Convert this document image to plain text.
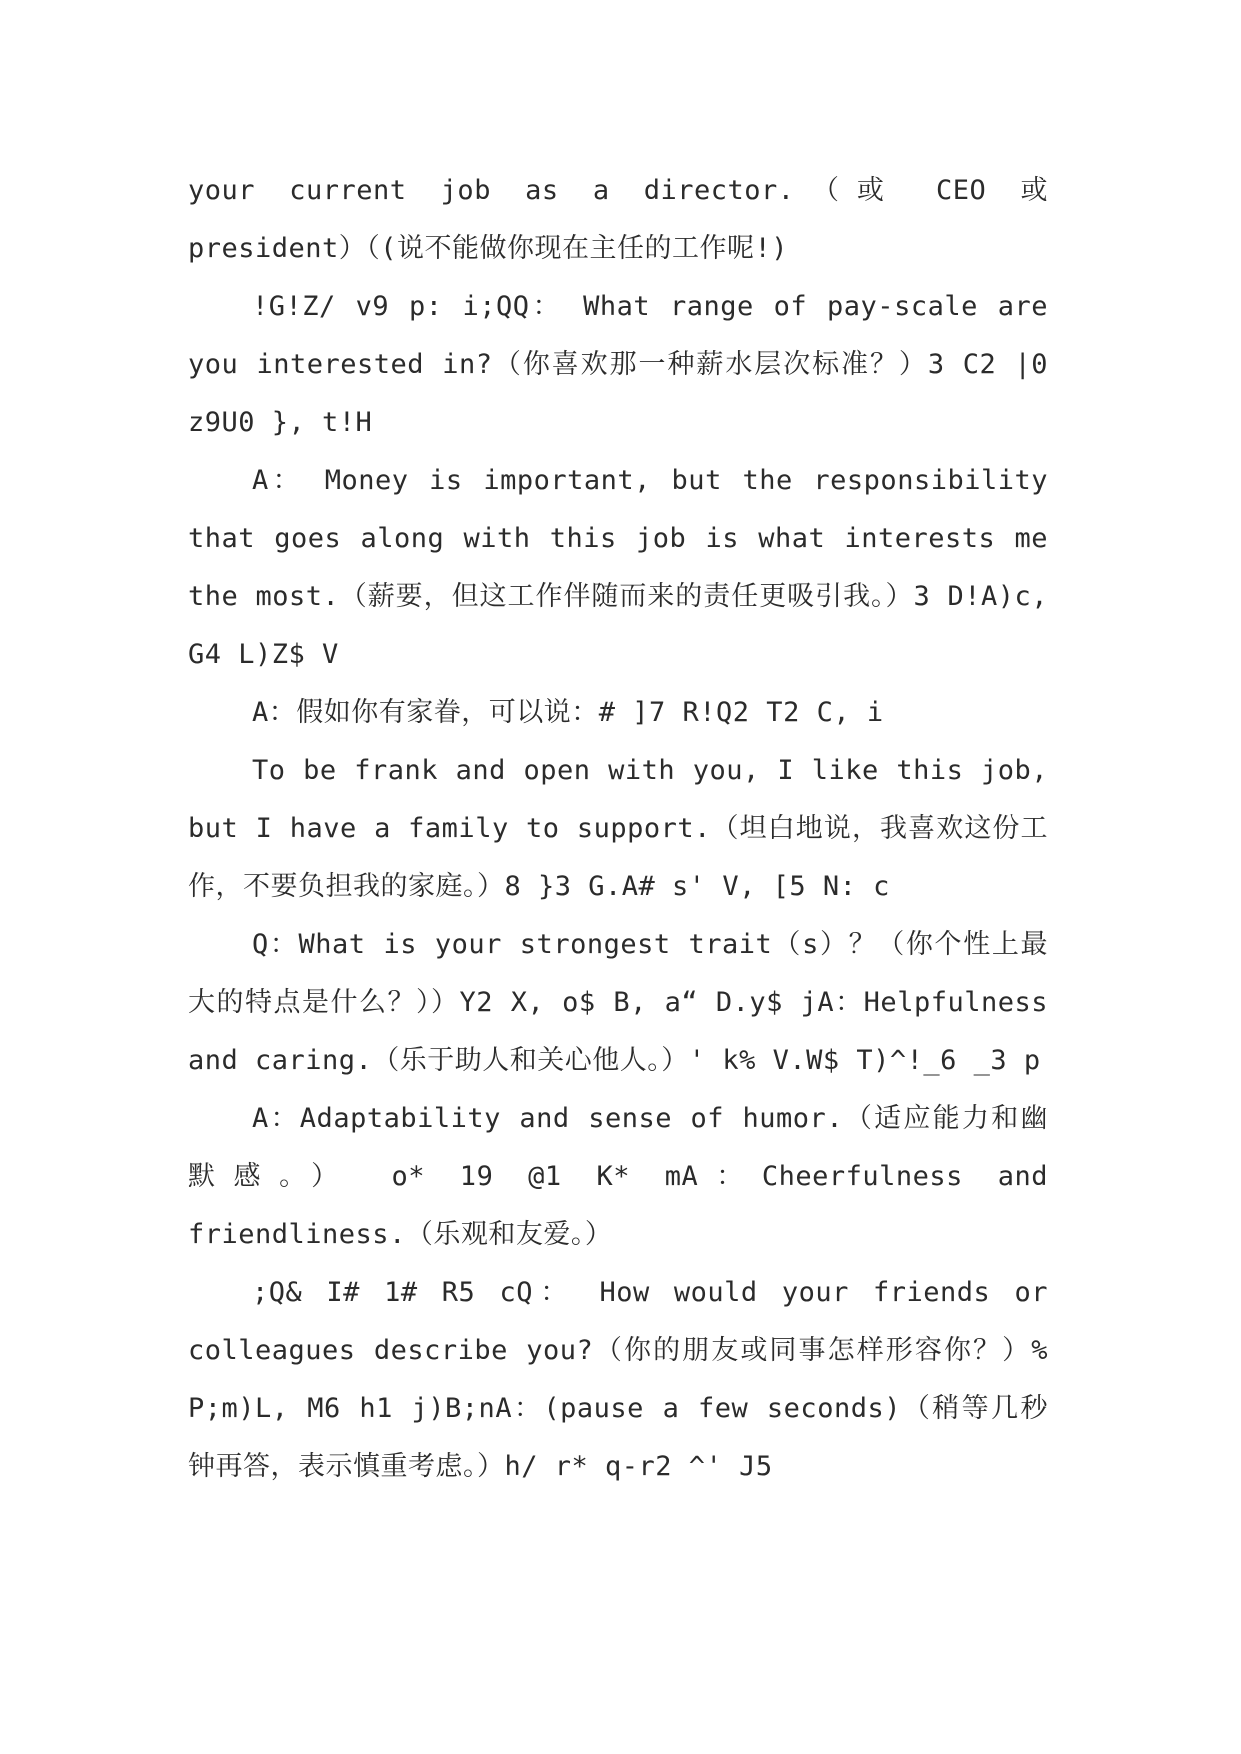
your current job as a director.（或 CEO 或 president）（(说不能做你现在主任的工作呢!)

!G!Z/ v9 p: i;QQ： What range of pay-scale are you interested in?（你喜欢那一种薪水层次标准？）3 C2 |0 z9U0 }, t!H

A： Money is important, but the responsibility that goes along with this job is what interests me the most.（薪要，但这工作伴随而来的责任更吸引我。）3 D!A)c, G4 L)Z$ V

A：假如你有家眷，可以说：# ]7 R!Q2 T2 C, i

To be frank and open with you, I like this job, but I have a family to support.（坦白地说，我喜欢这份工作，不要负担我的家庭。）8 }3 G.A# s' V, [5 N: c

Q：What is your strongest trait（s）？（你个性上最大的特点是什么？））Y2 X, o$ B, a“ D.y$ jA：Helpfulness and caring.（乐于助人和关心他人。）' k% V.W$ T)^!_6 _3 p

A：Adaptability and sense of humor.（适应能力和幽默感。） o* 19 @1 K* mA：Cheerfulness and friendliness.（乐观和友爱。）

;Q& I# 1# R5 cQ： How would your friends or colleagues describe you?（你的朋友或同事怎样形容你？）% P;m)L, M6 h1 j)B;nA：(pause a few seconds)（稍等几秒钟再答，表示慎重考虑。）h/ r* q-r2 ^' J5
